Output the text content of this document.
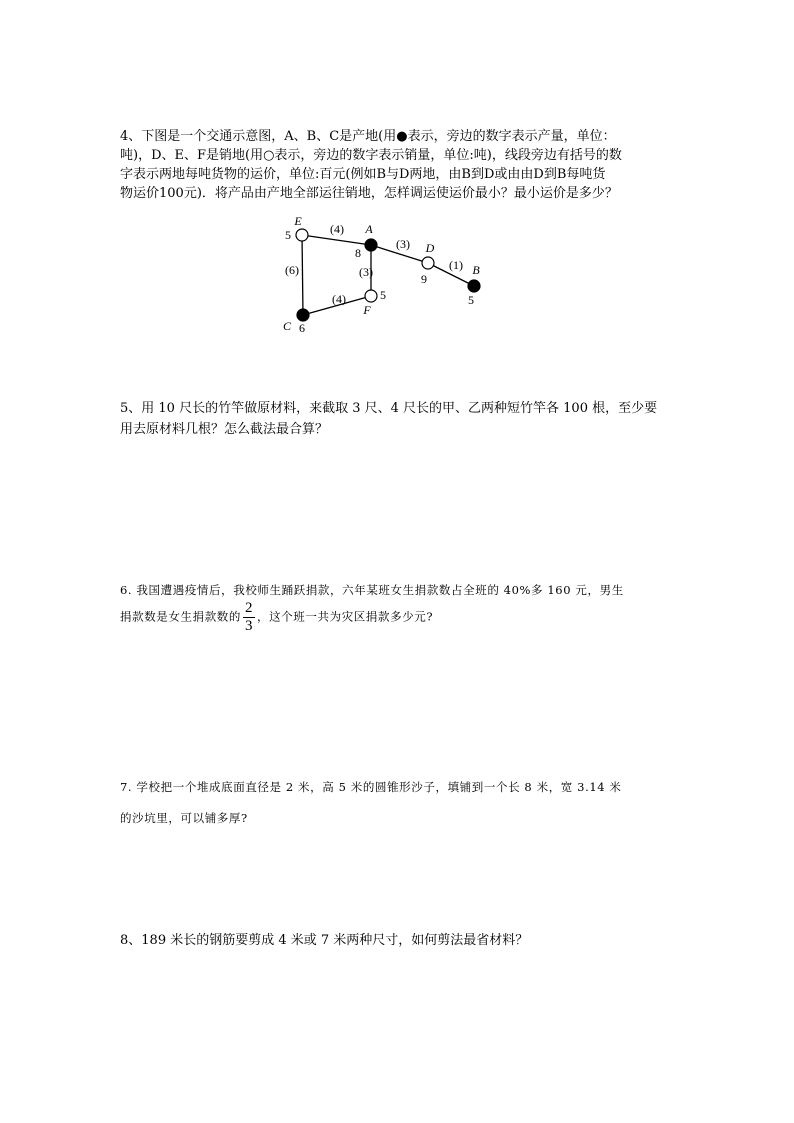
4、下图是一个交通示意图，A、B、C是产地(用●表示，旁边的数字表示产量，单位：

吨)，D、E、F是销地(用○表示，旁边的数字表示销量，单位:吨)，线段旁边有括号的数

字表示两地每吨货物的运价，单位:百元(例如B与D两地，由B到D或由由D到B每吨货

物运价100元)．将产品由产地全部运往销地，怎样调运使运价最小？最小运价是多少？

(4)
(3)
(1)
(6)	(3)
(4)
E
5	A
8	D
9
B
5
F
5
C 6

5、用 10 尺长的竹竿做原材料，来截取 3 尺、4 尺长的甲、乙两种短竹竿各 100 根，至少要

用去原材料几根？怎么截法最合算？

6. 我国遭遇疫情后，我校师生踊跃捐款，六年某班女生捐款数占全班的 40%多 160 元，男生

捐款数是女生捐款数的 $\frac{2}{3}$ ，这个班一共为灾区捐款多少元?

7. 学校把一个堆成底面直径是 2 米，高 5 米的圆锥形沙子，填铺到一个长 8 米，宽 3.14 米

的沙坑里，可以铺多厚?

8、189 米长的钢筋要剪成 4 米或 7 米两种尺寸，如何剪法最省材料？
